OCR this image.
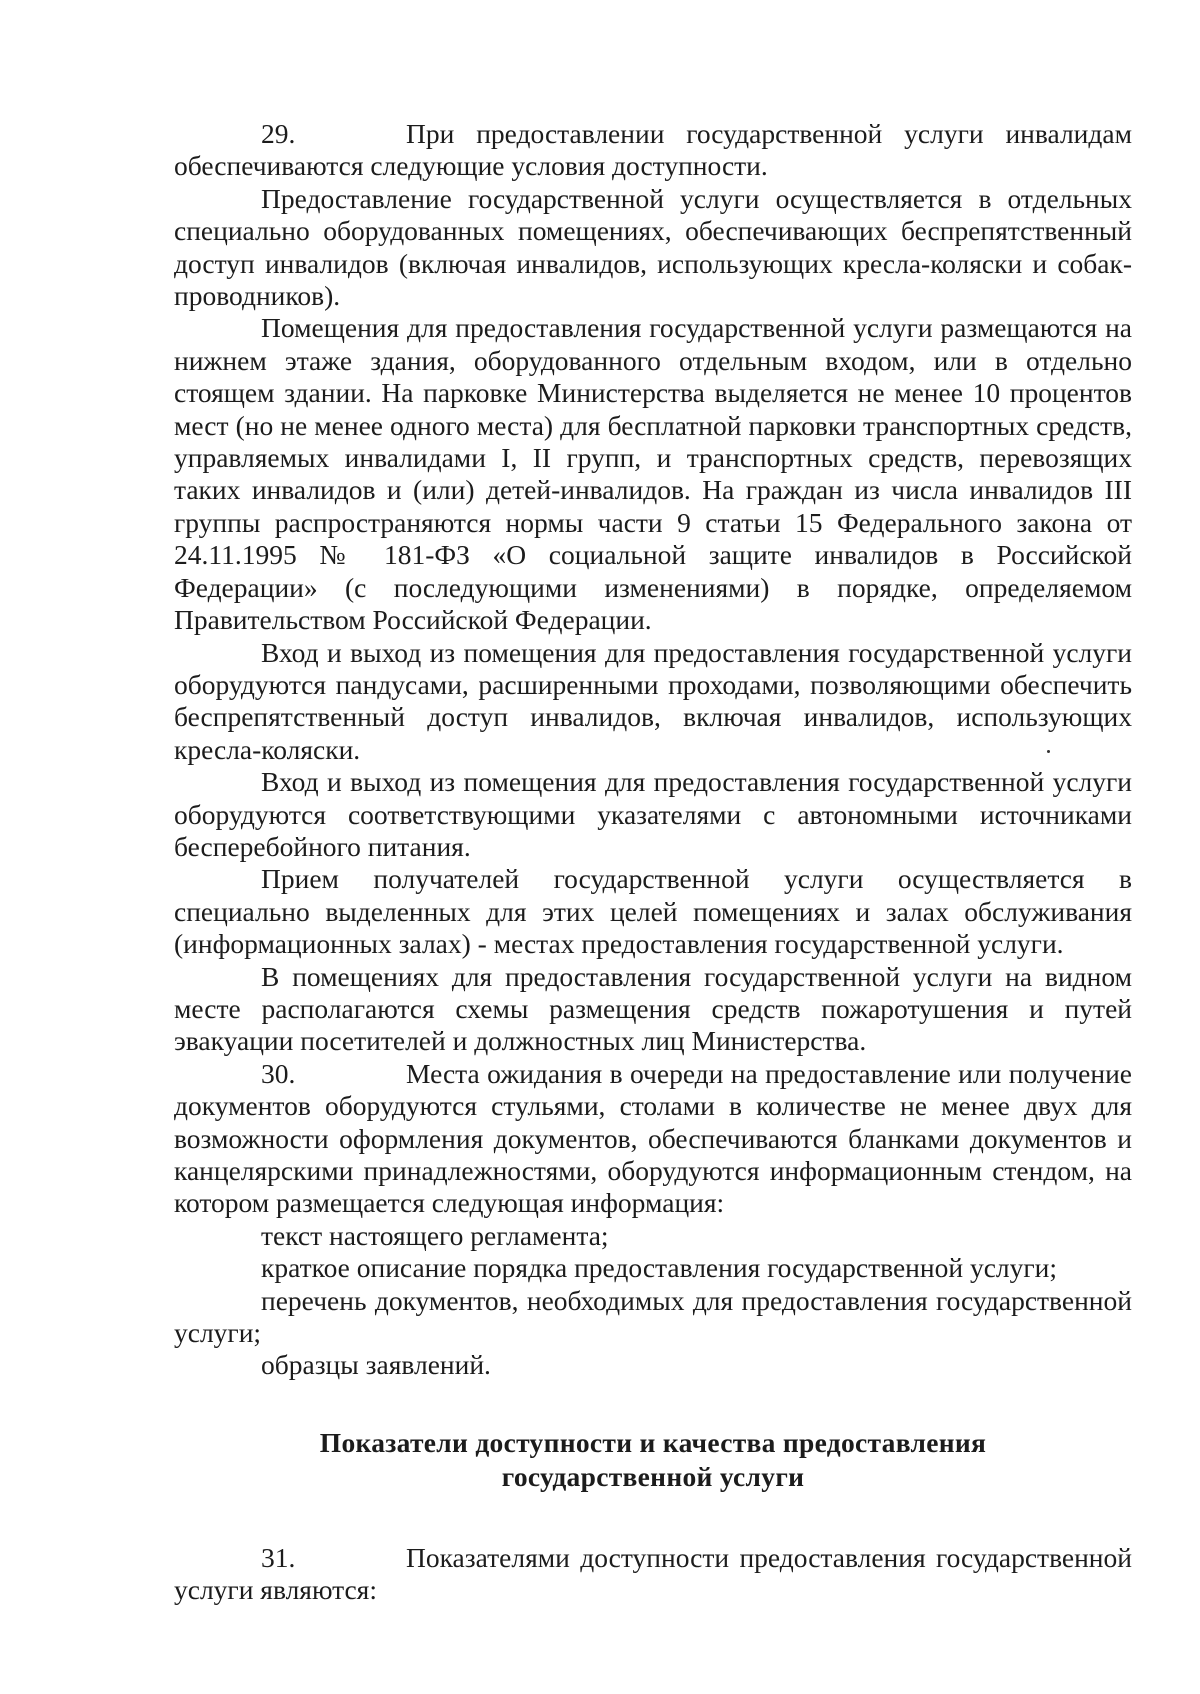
29.	При предоставлении государственной услуги инвалидам обеспечиваются следующие условия доступности.

Предоставление государственной услуги осуществляется в отдельных специально оборудованных помещениях, обеспечивающих беспрепятственный доступ инвалидов (включая инвалидов, использующих кресла-коляски и собак-проводников).

Помещения для предоставления государственной услуги размещаются на нижнем этаже здания, оборудованного отдельным входом, или в отдельно стоящем здании. На парковке Министерства выделяется не менее 10 процентов мест (но не менее одного места) для бесплатной парковки транспортных средств, управляемых инвалидами I, II групп, и транспортных средств, перевозящих таких инвалидов и (или) детей-инвалидов. На граждан из числа инвалидов III группы распространяются нормы части 9 статьи 15 Федерального закона от 24.11.1995 № 181-ФЗ «О социальной защите инвалидов в Российской Федерации» (с последующими изменениями) в порядке, определяемом Правительством Российской Федерации.

Вход и выход из помещения для предоставления государственной услуги оборудуются пандусами, расширенными проходами, позволяющими обеспечить беспрепятственный доступ инвалидов, включая инвалидов, использующих кресла-коляски.

Вход и выход из помещения для предоставления государственной услуги оборудуются соответствующими указателями с автономными источниками бесперебойного питания.

Прием получателей государственной услуги осуществляется в специально выделенных для этих целей помещениях и залах обслуживания (информационных залах) - местах предоставления государственной услуги.

В помещениях для предоставления государственной услуги на видном месте располагаются схемы размещения средств пожаротушения и путей эвакуации посетителей и должностных лиц Министерства.

30.	Места ожидания в очереди на предоставление или получение документов оборудуются стульями, столами в количестве не менее двух для возможности оформления документов, обеспечиваются бланками документов и канцелярскими принадлежностями, оборудуются информационным стендом, на котором размещается следующая информация:

текст настоящего регламента;

краткое описание порядка предоставления государственной услуги;

перечень документов, необходимых для предоставления государственной услуги;

образцы заявлений.

Показатели доступности и качества предоставления
государственной услуги

31.	Показателями доступности предоставления государственной услуги являются:
